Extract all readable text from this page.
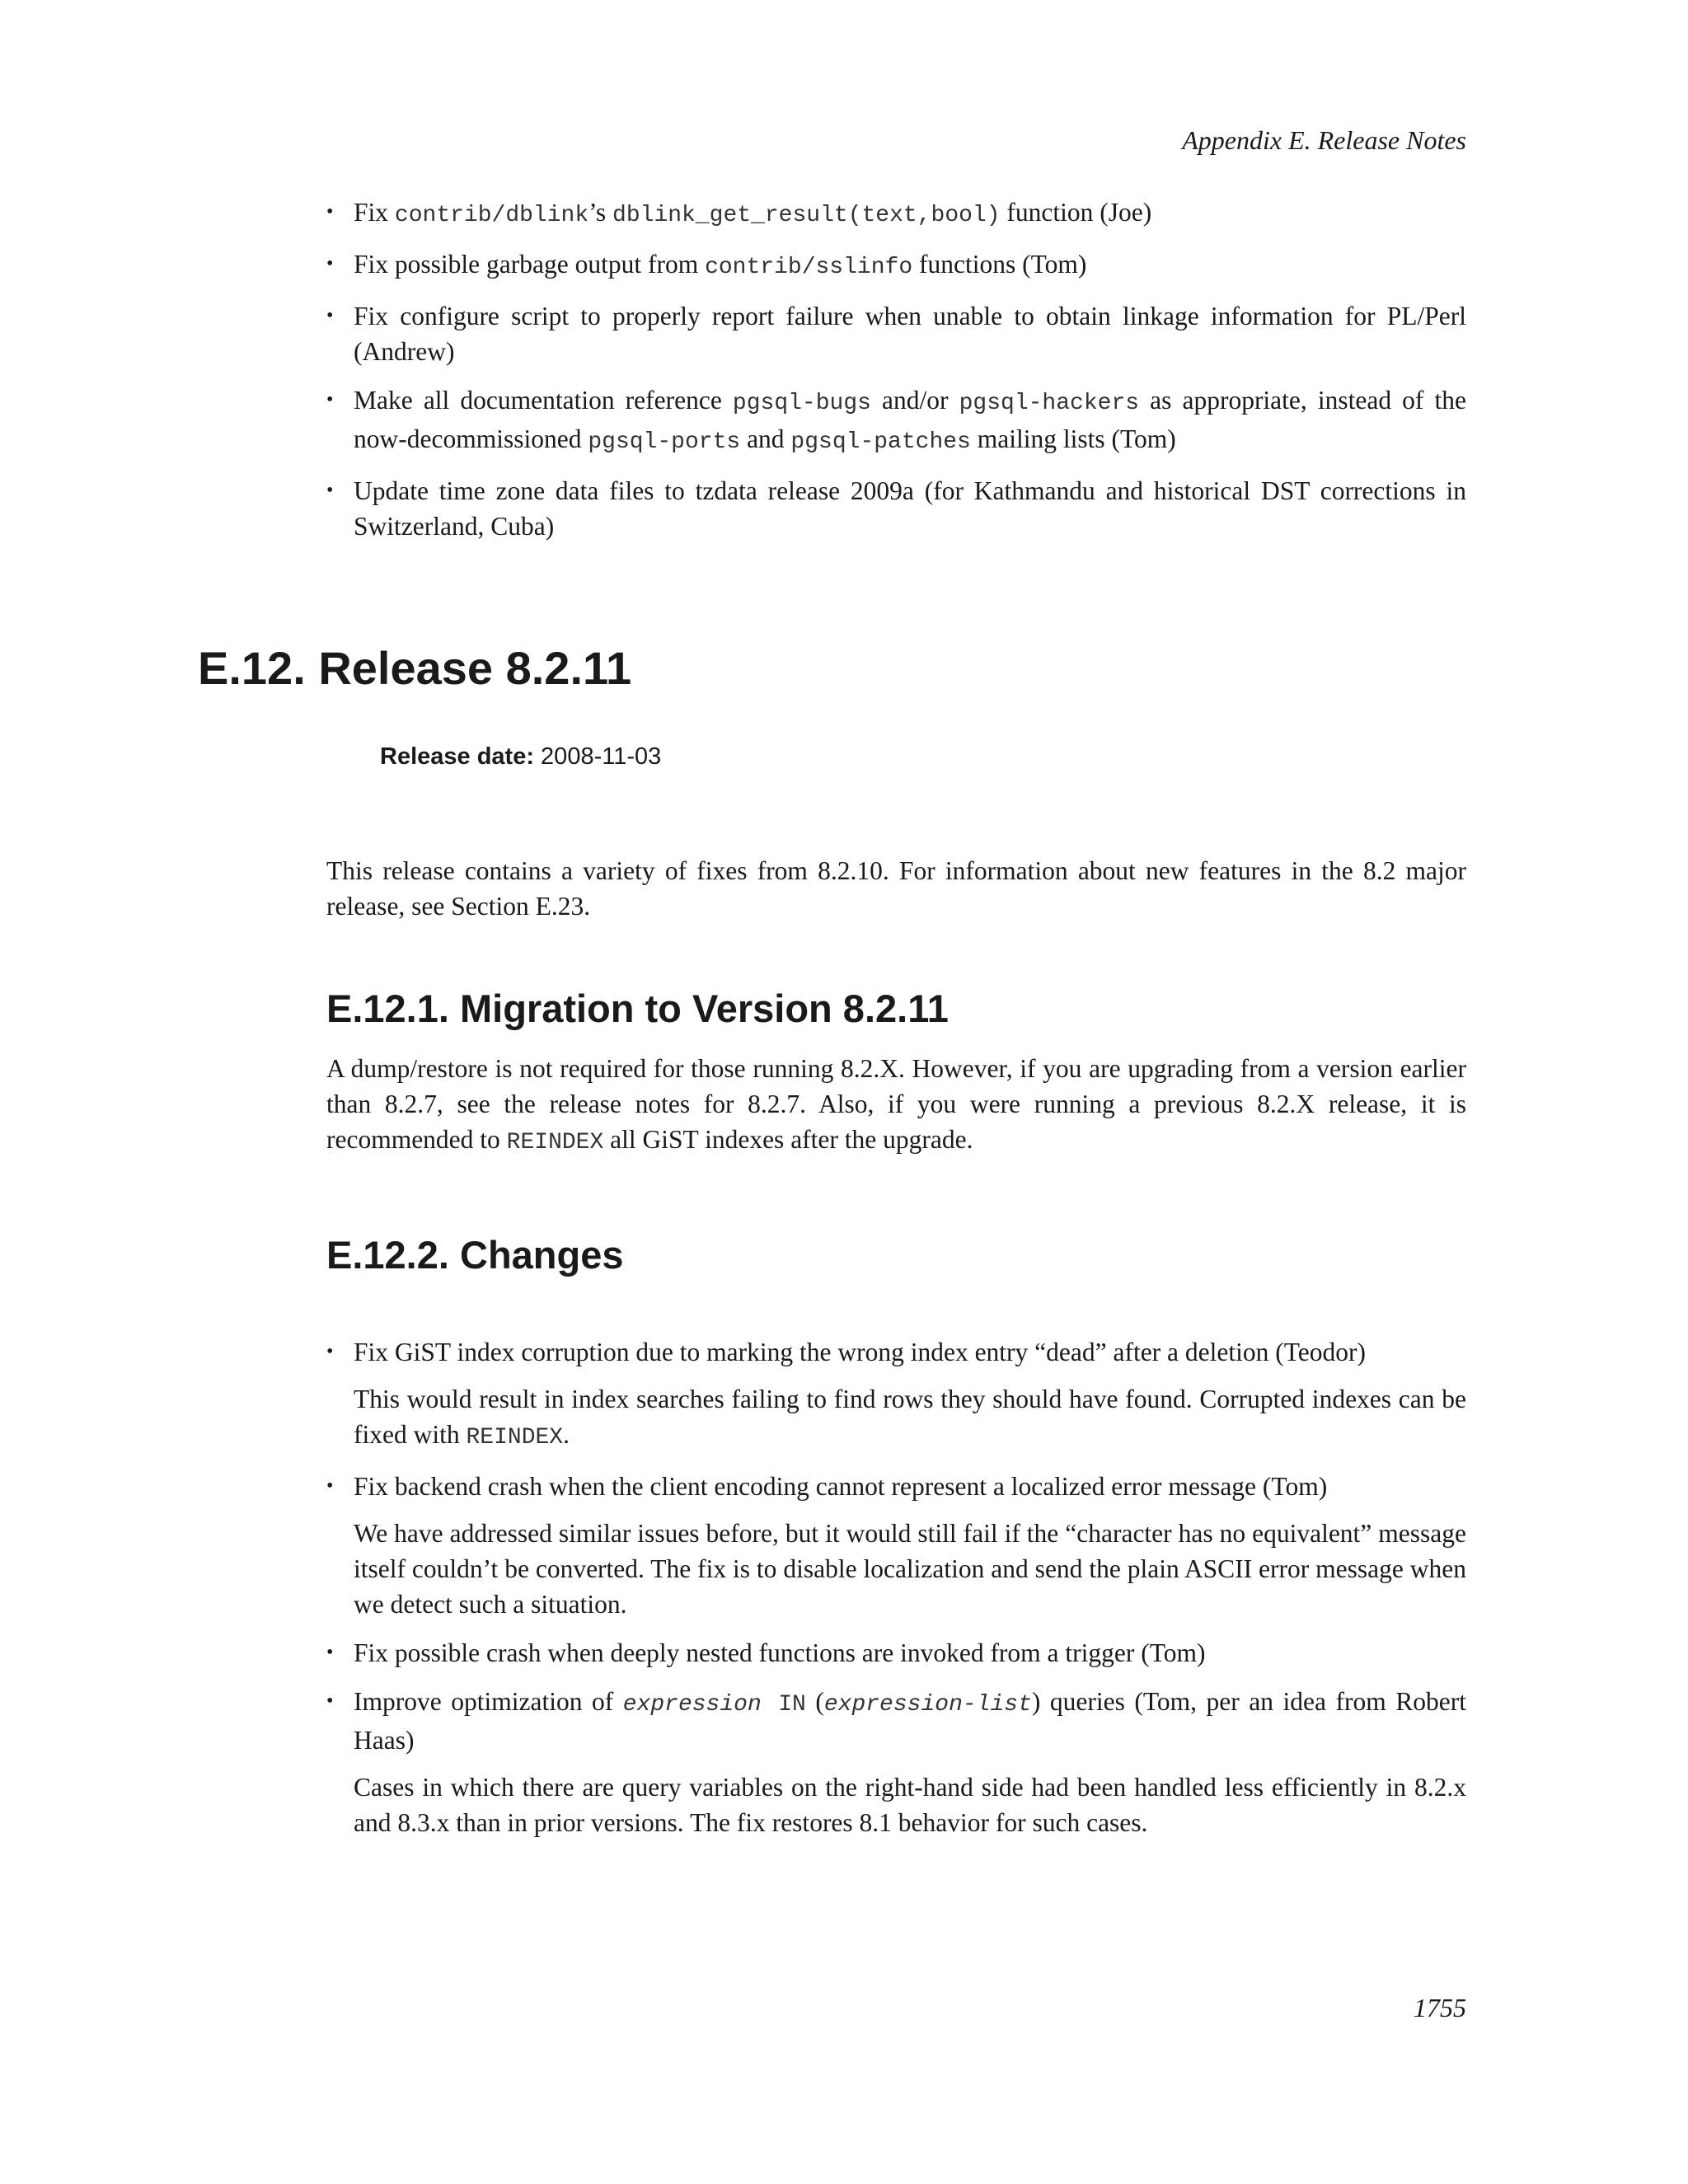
Appendix E. Release Notes
• Fix contrib/dblink’s dblink_get_result(text,bool) function (Joe)
• Fix possible garbage output from contrib/sslinfo functions (Tom)
• Fix configure script to properly report failure when unable to obtain linkage information for PL/Perl (Andrew)
• Make all documentation reference pgsql-bugs and/or pgsql-hackers as appropriate, instead of the now-decommissioned pgsql-ports and pgsql-patches mailing lists (Tom)
• Update time zone data files to tzdata release 2009a (for Kathmandu and historical DST corrections in Switzerland, Cuba)
E.12. Release 8.2.11
Release date: 2008-11-03

This release contains a variety of fixes from 8.2.10. For information about new features in the 8.2 major release, see Section E.23.

E.12.1. Migration to Version 8.2.11

A dump/restore is not required for those running 8.2.X. However, if you are upgrading from a version earlier than 8.2.7, see the release notes for 8.2.7. Also, if you were running a previous 8.2.X release, it is recommended to REINDEX all GiST indexes after the upgrade.

E.12.2. Changes
• Fix GiST index corruption due to marking the wrong index entry “dead” after a deletion (Teodor)

This would result in index searches failing to find rows they should have found. Corrupted indexes can be fixed with REINDEX.

• Fix backend crash when the client encoding cannot represent a localized error message (Tom)

We have addressed similar issues before, but it would still fail if the “character has no equivalent” message itself couldn’t be converted. The fix is to disable localization and send the plain ASCII error message when we detect such a situation.

• Fix possible crash when deeply nested functions are invoked from a trigger (Tom)

• Improve optimization of expression IN (expression-list) queries (Tom, per an idea from Robert Haas)

Cases in which there are query variables on the right-hand side had been handled less efficiently in 8.2.x and 8.3.x than in prior versions. The fix restores 8.1 behavior for such cases.

1755
